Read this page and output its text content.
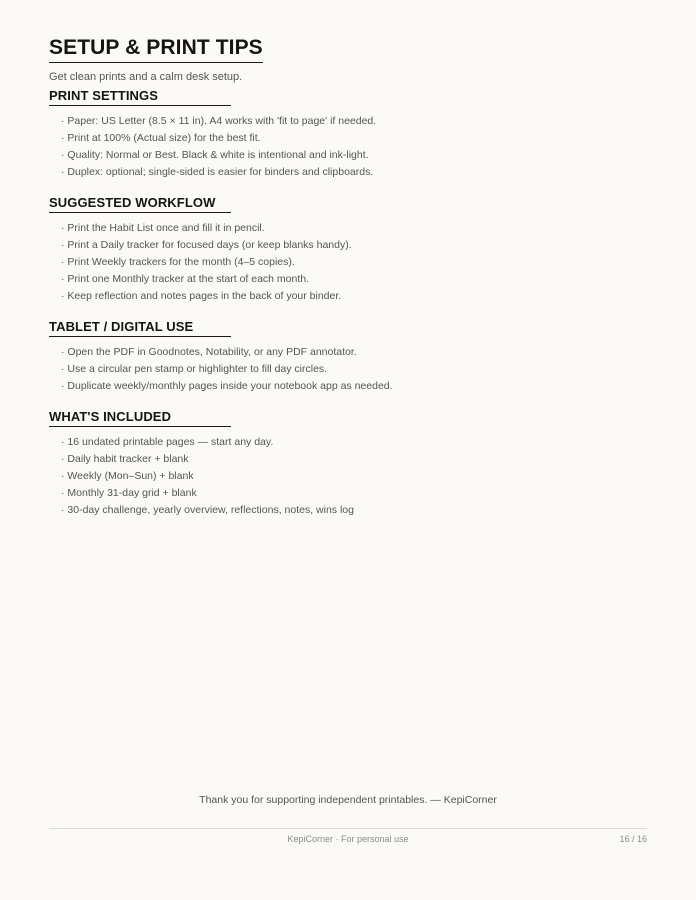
SETUP & PRINT TIPS

Get clean prints and a calm desk setup.

PRINT SETTINGS
· Paper: US Letter (8.5 × 11 in). A4 works with 'fit to page' if needed.
· Print at 100% (Actual size) for the best fit.
· Quality: Normal or Best. Black & white is intentional and ink-light.
· Duplex: optional; single-sided is easier for binders and clipboards.
SUGGESTED WORKFLOW
· Print the Habit List once and fill it in pencil.
· Print a Daily tracker for focused days (or keep blanks handy).
· Print Weekly trackers for the month (4–5 copies).
· Print one Monthly tracker at the start of each month.
· Keep reflection and notes pages in the back of your binder.
TABLET / DIGITAL USE
· Open the PDF in Goodnotes, Notability, or any PDF annotator.
· Use a circular pen stamp or highlighter to fill day circles.
· Duplicate weekly/monthly pages inside your notebook app as needed.
WHAT'S INCLUDED
· 16 undated printable pages — start any day.
· Daily habit tracker + blank
· Weekly (Mon–Sun) + blank
· Monthly 31-day grid + blank
· 30-day challenge, yearly overview, reflections, notes, wins log

Thank you for supporting independent printables. — KepiCorner

KepiCorner · For personal use	16 / 16
